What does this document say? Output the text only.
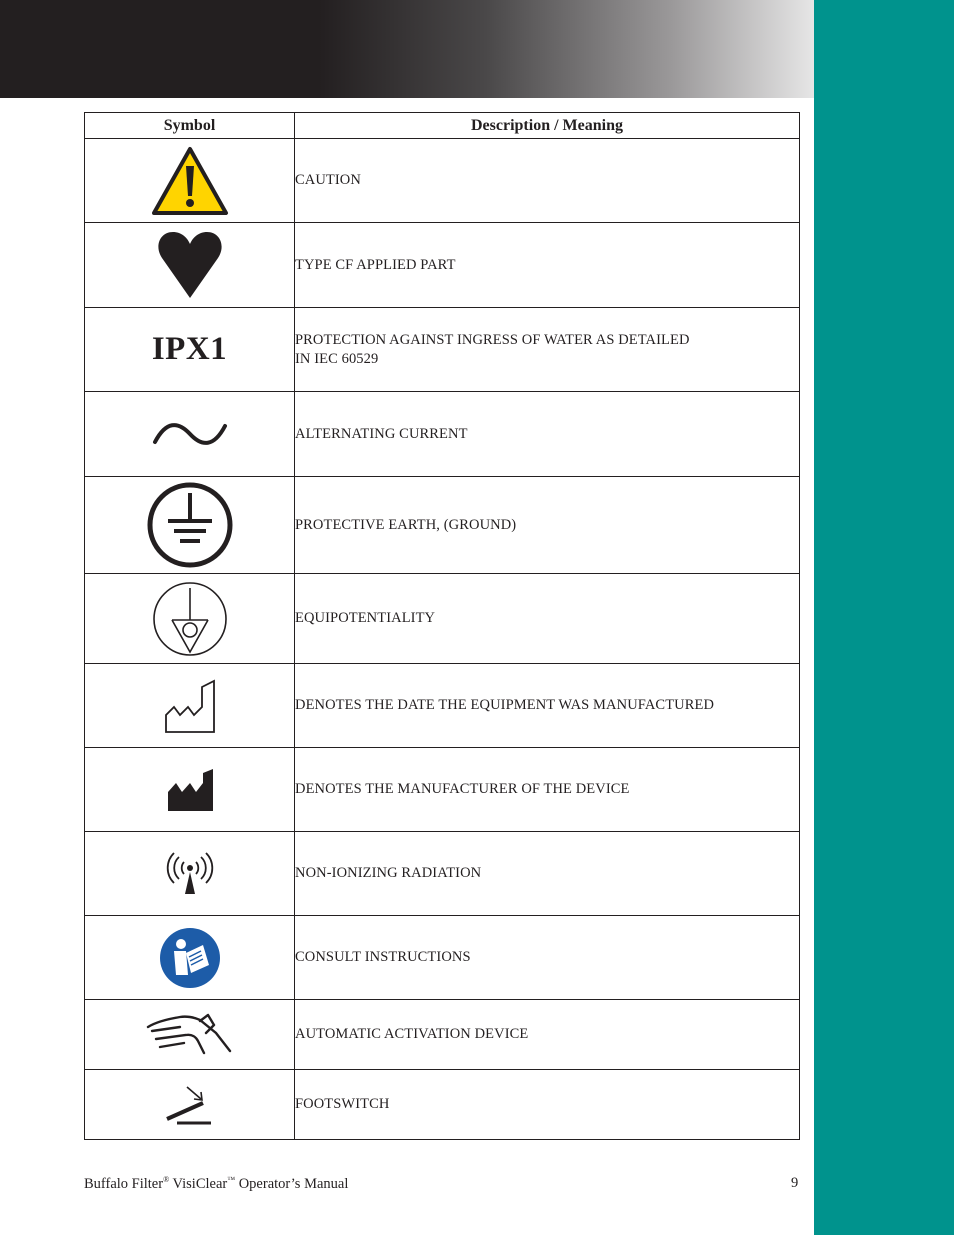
Symbol	Description / Meaning

	CAUTION

	TYPE CF APPLIED PART
IPX1	PROTECTION AGAINST INGRESS OF WATER AS DETAILED
IN IEC 60529

	ALTERNATING CURRENT

	PROTECTIVE EARTH, (GROUND)

	EQUIPOTENTIALITY

	DENOTES THE DATE THE EQUIPMENT WAS MANUFACTURED

	DENOTES THE MANUFACTURER OF THE DEVICE

	NON-IONIZING RADIATION

	CONSULT INSTRUCTIONS

	AUTOMATIC ACTIVATION DEVICE

	FOOTSWITCH
Buffalo Filter® VisiClear™ Operator’s Manual	9
